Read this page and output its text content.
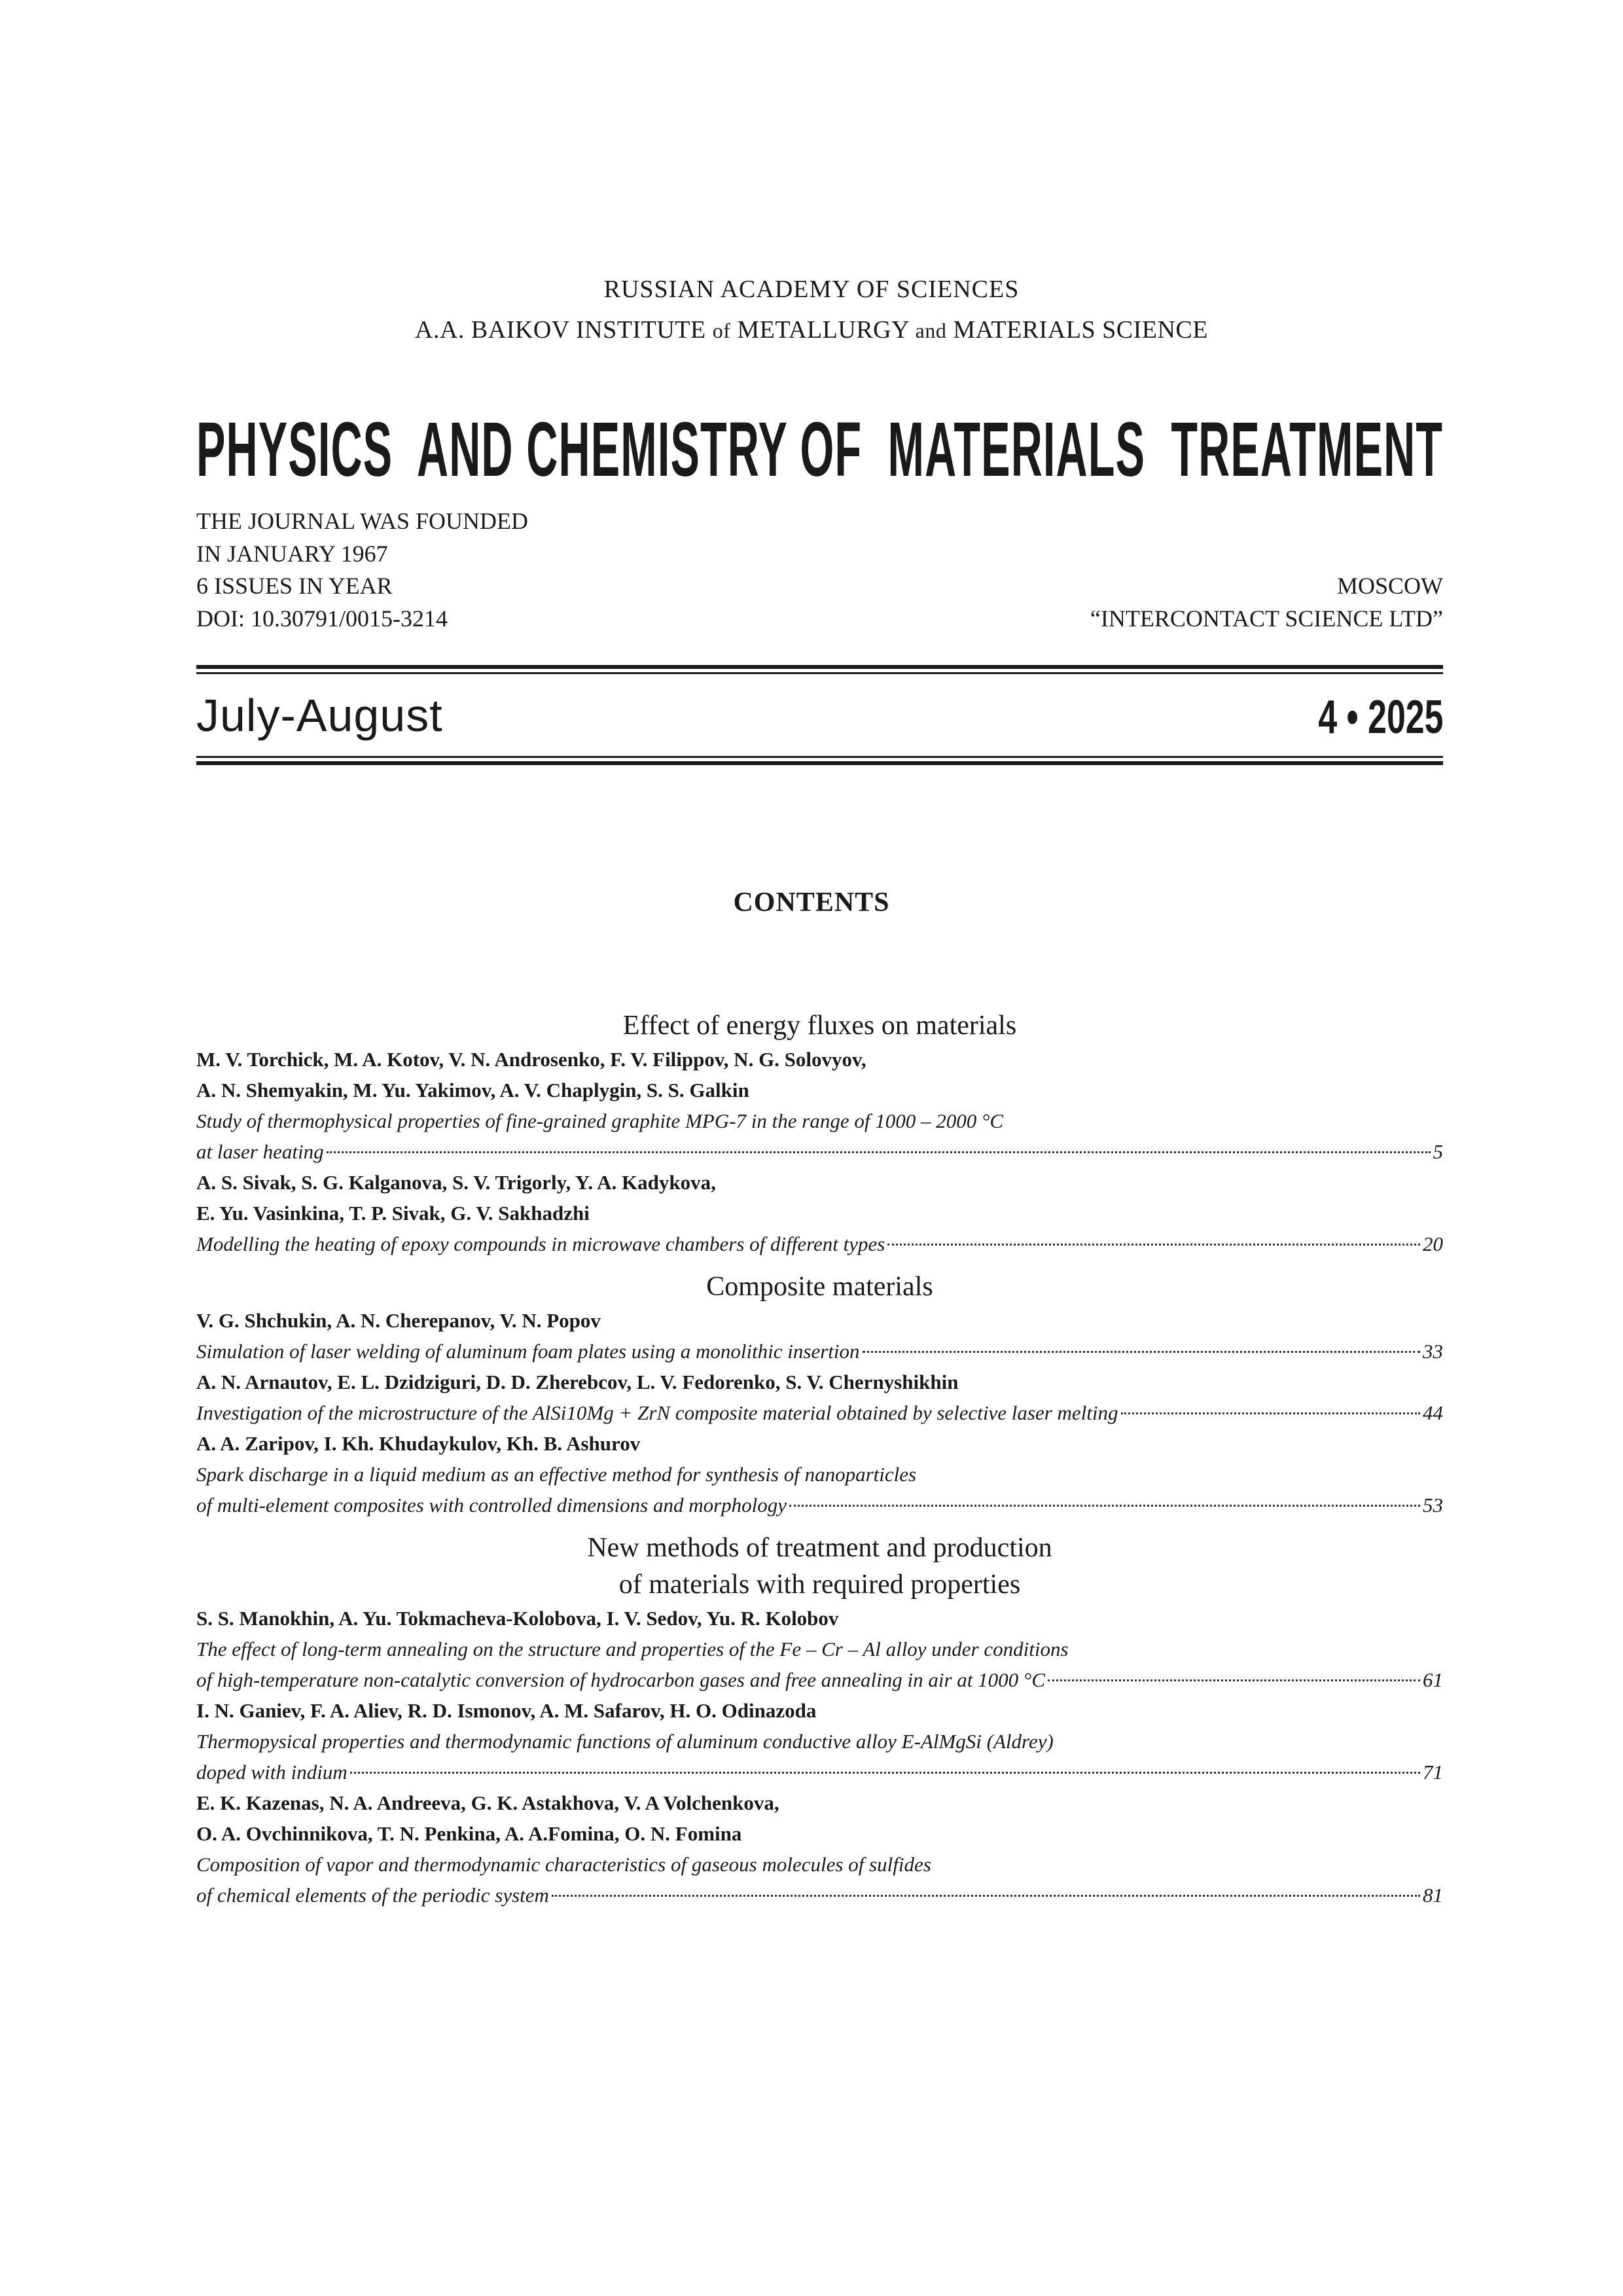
RUSSIAN ACADEMY OF SCIENCES
A.A. BAIKOV INSTITUTE of METALLURGY and MATERIALS SCIENCE
PHYSICS  AND CHEMISTRY OF  MATERIALS  TREATMENT
THE JOURNAL WAS FOUNDED
IN JANUARY 1967
6 ISSUES IN YEAR
DOI: 10.30791/0015-3214
MOSCOW
“INTERCONTACT SCIENCE LTD”
July-August	4 • 2025
CONTENTS
Effect of energy fluxes on materials
M. V. Torchick, M. A. Kotov, V. N. Androsenko, F. V. Filippov, N. G. Solovyov,
A. N. Shemyakin, M. Yu. Yakimov, A. V. Chaplygin, S. S. Galkin
Study of thermophysical properties of fine-grained graphite MPG-7 in the range of 1000 – 2000 °C
at laser heating	5
A. S. Sivak, S. G. Kalganova, S. V. Trigorly, Y. A. Kadykova,
E. Yu. Vasinkina, T. P. Sivak, G. V. Sakhadzhi
Modelling the heating of epoxy compounds in microwave chambers of different types	20
Composite materials
V. G. Shchukin, A. N. Cherepanov, V. N. Popov
Simulation of laser welding of aluminum foam plates using a monolithic insertion	33
A. N. Arnautov, E. L. Dzidziguri, D. D. Zherebcov, L. V. Fedorenko, S. V. Chernyshikhin
Investigation of the microstructure of the AlSi10Mg + ZrN composite material obtained by selective laser melting	44
A. A. Zaripov, I. Kh. Khudaykulov, Kh. B. Ashurov
Spark discharge in a liquid medium as an effective method for synthesis of nanoparticles
of multi-element composites with controlled dimensions and morphology	53
New methods of treatment and production
of materials with required properties
S. S. Manokhin, A. Yu. Tokmacheva-Kolobova, I. V. Sedov, Yu. R. Kolobov
The effect of long-term annealing on the structure and properties of the Fe – Cr – Al alloy under conditions
of high-temperature non-catalytic conversion of hydrocarbon gases and free annealing in air at 1000 °C	61
I. N. Ganiev, F. A. Aliev, R. D. Ismonov, A. M. Safarov, H. O. Odinazoda
Thermopysical properties and thermodynamic functions of aluminum conductive alloy E-AlMgSi (Aldrey)
doped with indium	71
E. K. Kazenas, N. A. Andreeva, G. K. Astakhova, V. A Volchenkova,
O. A. Ovchinnikova, T. N. Penkina, A. A.Fomina, O. N. Fomina
Composition of vapor and thermodynamic characteristics of gaseous molecules of sulfides
of chemical elements of the periodic system	81
